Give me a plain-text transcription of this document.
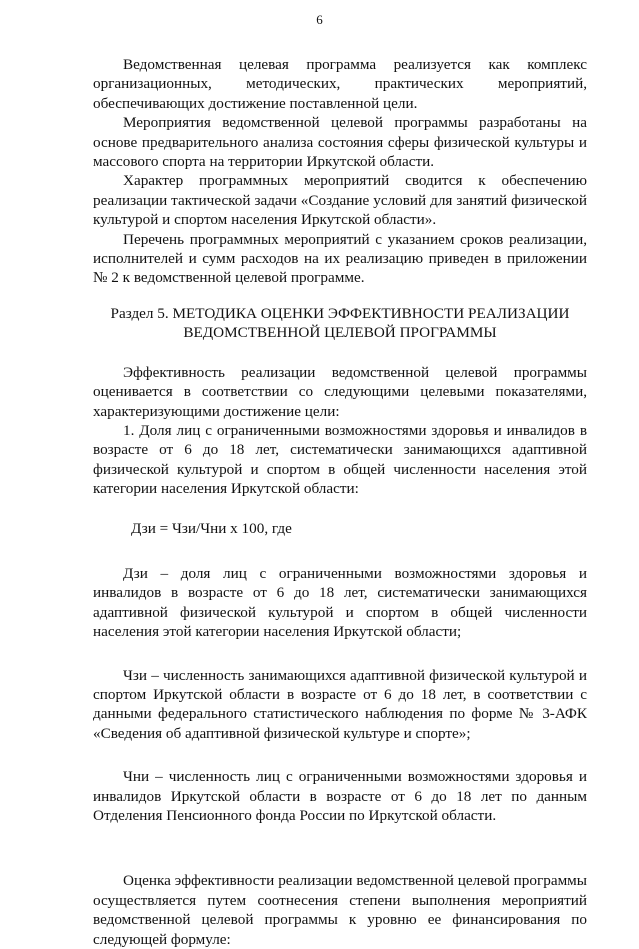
6

Ведомственная целевая программа реализуется как комплекс организационных, методических, практических мероприятий, обеспечивающих достижение поставленной цели.

Мероприятия ведомственной целевой программы разработаны на основе предварительного анализа состояния сферы физической культуры и массового спорта на территории Иркутской области.

Характер программных мероприятий сводится к обеспечению реализации тактической задачи «Создание условий для занятий физической культурой и спортом населения Иркутской области».

Перечень программных мероприятий с указанием сроков реализации, исполнителей и сумм расходов на их реализацию приведен в приложении № 2 к ведомственной целевой программе.

Раздел 5. МЕТОДИКА ОЦЕНКИ ЭФФЕКТИВНОСТИ РЕАЛИЗАЦИИ
ВЕДОМСТВЕННОЙ ЦЕЛЕВОЙ ПРОГРАММЫ

Эффективность реализации ведомственной целевой программы оценивается в соответствии со следующими целевыми показателями, характеризующими достижение цели:

1. Доля лиц с ограниченными возможностями здоровья и инвалидов в возрасте от 6 до 18 лет, систематически занимающихся адаптивной физической культурой и спортом в общей численности населения этой категории населения Иркутской области:

Дзи = Чзи/Чни х 100, где

Дзи – доля лиц с ограниченными возможностями здоровья и инвалидов в возрасте от 6 до 18 лет, систематически занимающихся адаптивной физической культурой и спортом в общей численности населения этой категории населения Иркутской области;

Чзи – численность занимающихся адаптивной физической культурой и спортом Иркутской области в возрасте от 6 до 18 лет, в соответствии с данными федерального статистического наблюдения по форме № 3-АФК «Сведения об адаптивной физической культуре и спорте»;

Чни – численность лиц с ограниченными возможностями здоровья и инвалидов Иркутской области в возрасте от 6 до 18 лет по данным Отделения Пенсионного фонда России по Иркутской области.

Оценка эффективности реализации ведомственной целевой программы осуществляется путем соотнесения степени выполнения мероприятий ведомственной целевой программы к уровню ее финансирования по следующей формуле:
